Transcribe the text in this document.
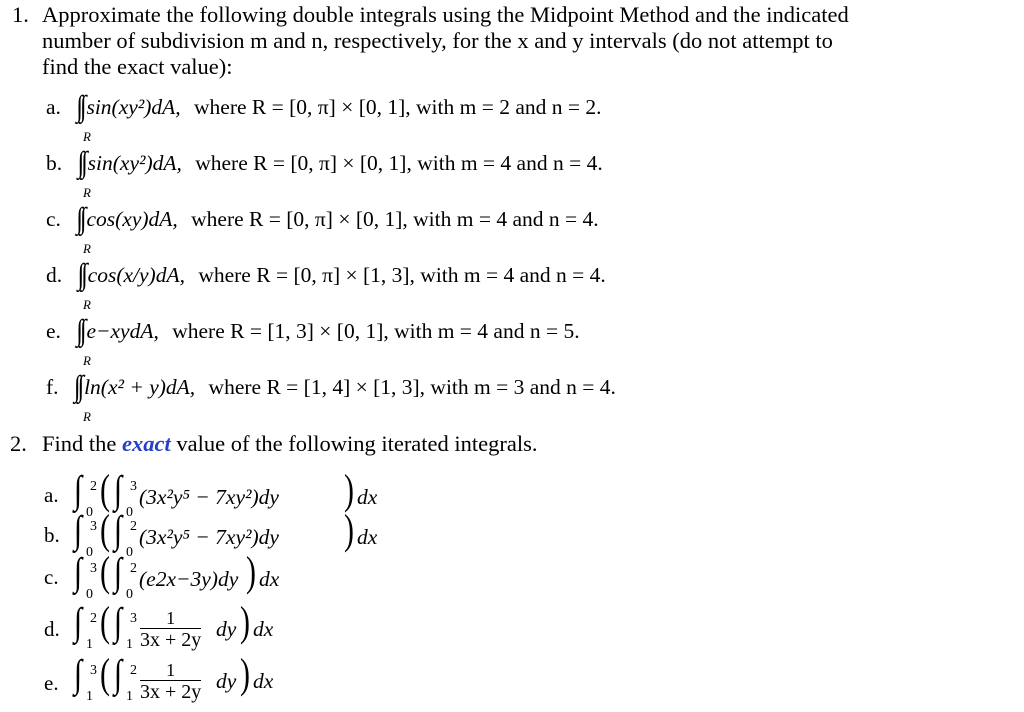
1. Approximate the following double integrals using the Midpoint Method and the indicated
number of subdivision m and n, respectively, for the x and y intervals (do not attempt to
find the exact value):
a. ∫∫ sin(xy²)dA, where R = [0, π] × [0, 1], with m = 2 and n = 2.
R
b. ∫∫ sin(xy²)dA, where R = [0, π] × [0, 1], with m = 4 and n = 4.
R
c. ∫∫ cos(xy)dA, where R = [0, π] × [0, 1], with m = 4 and n = 4.
R
d. ∫∫ cos(x/y)dA, where R = [0, π] × [1, 3], with m = 4 and n = 4.
R
e. ∫∫ e−xydA, where R = [1, 3] × [0, 1], with m = 4 and n = 5.
R
f. ∫∫ ln(x² + y)dA, where R = [1, 4] × [1, 3], with m = 3 and n = 4.
R
2. Find the exact value of the following iterated integrals.
a. ∫ 2
0 ( ∫ 3
0
(3x²y⁵ − 7xy²)dy ) dx
b. ∫ 3
0 ( ∫ 2
0
(3x²y⁵ − 7xy²)dy ) dx
c. ∫ 3
0 ( ∫ 2
0
(e2x−3y)dy ) dx
d. ∫ 2
1 ( ∫ 3
$1 \frac{1}{3x + 2y}$ dy ) dx
e. ∫ 3
1 ( ∫ 2
$1 \frac{1}{3x + 2y}$ dy ) dx
